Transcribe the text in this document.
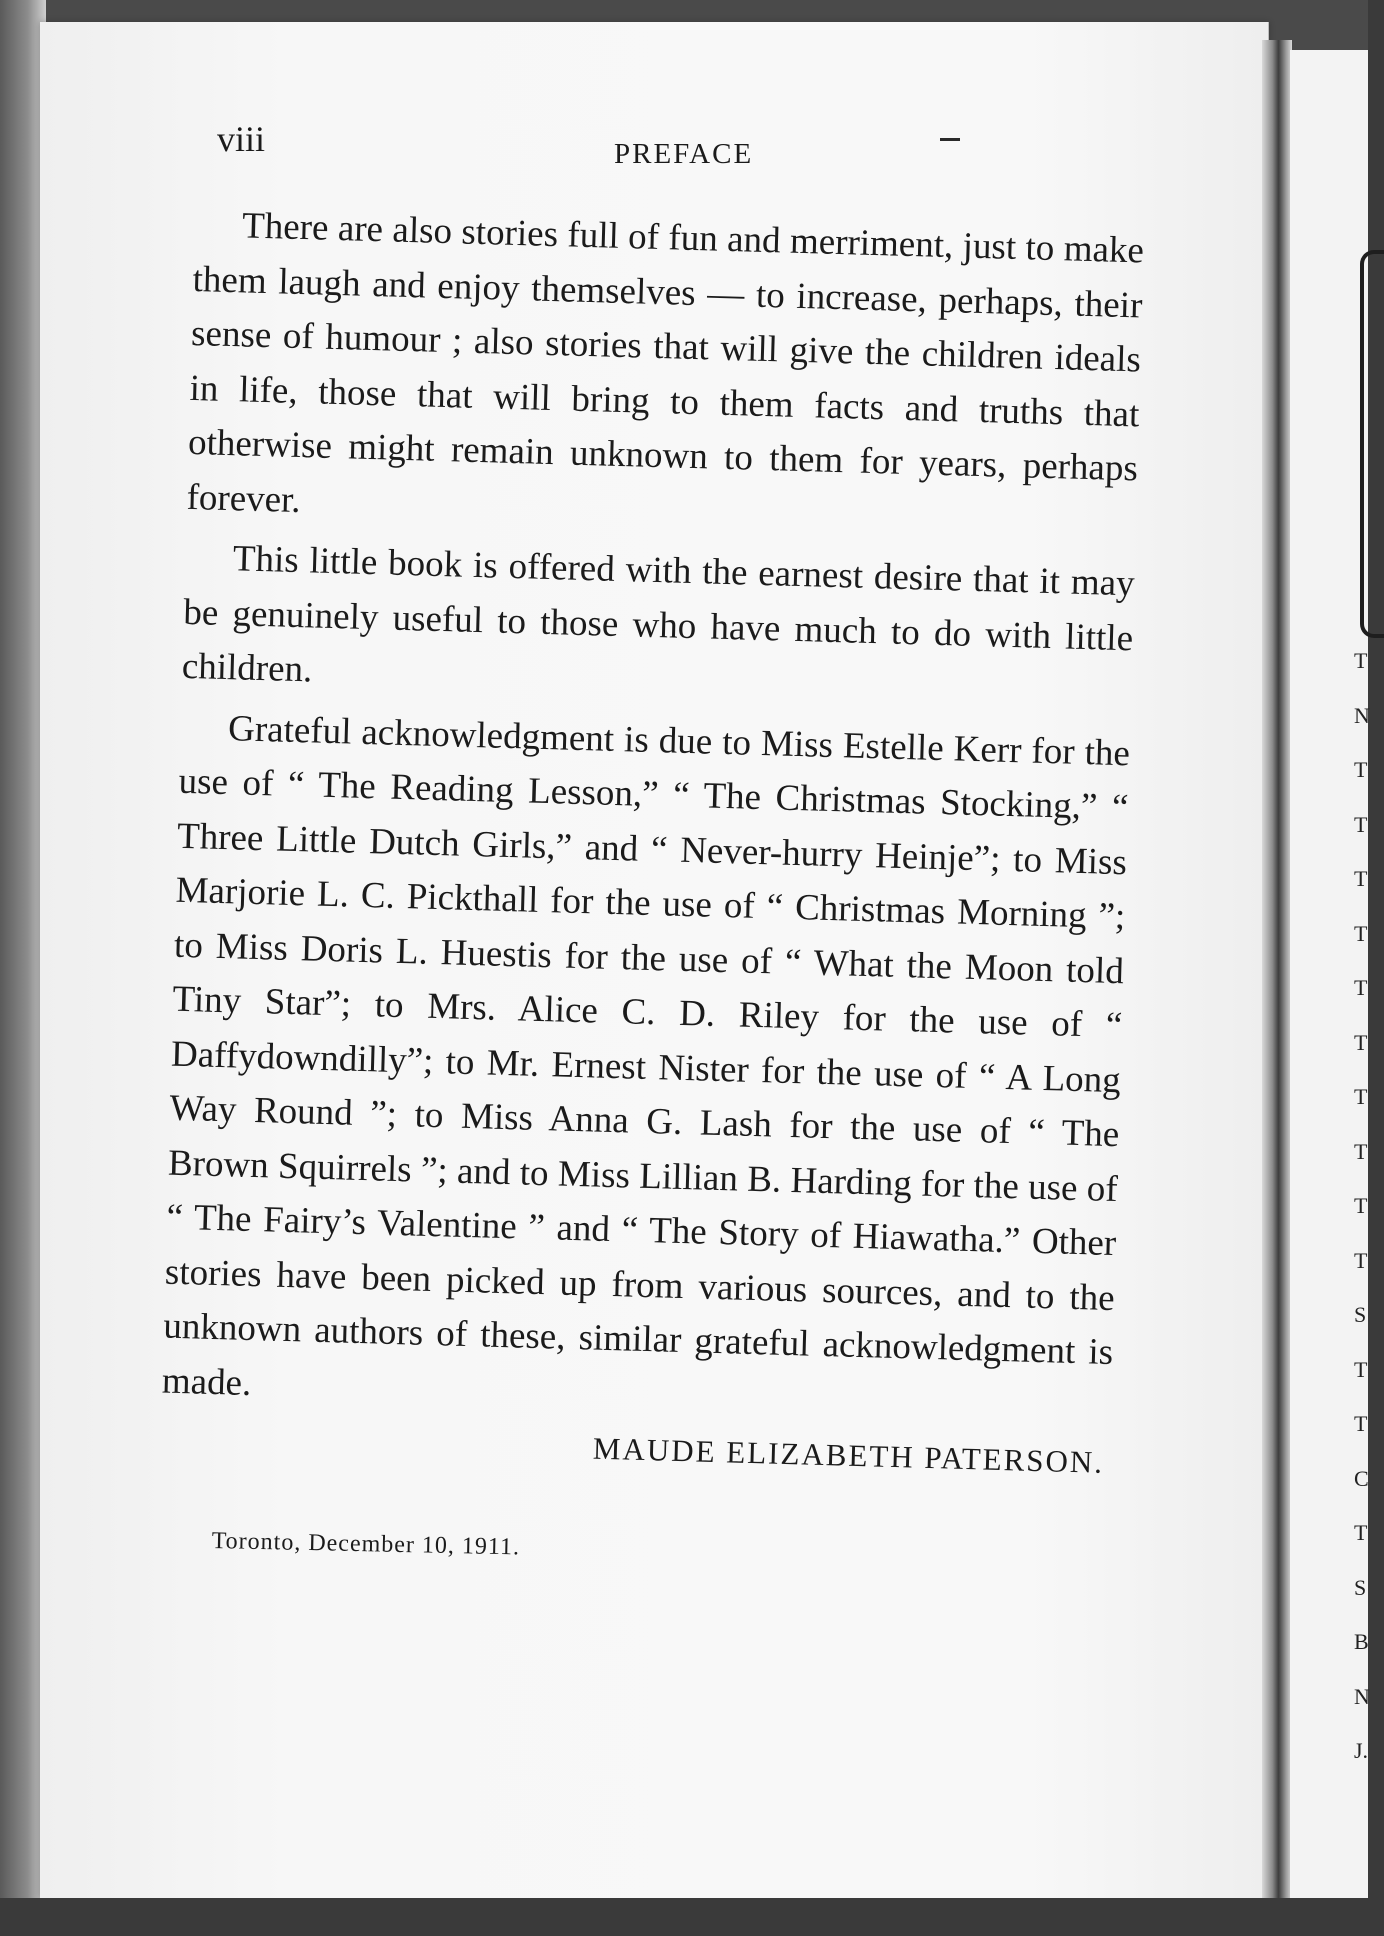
viii	PREFACE

There are also stories full of fun and merriment, just to make them laugh and enjoy themselves — to increase, perhaps, their sense of humour ; also stories that will give the children ideals in life, those that will bring to them facts and truths that otherwise might remain unknown to them for years, perhaps forever.

This little book is offered with the earnest desire that it may be genuinely useful to those who have much to do with little children.

Grateful acknowledgment is due to Miss Estelle Kerr for the use of “ The Reading Lesson,” “ The Christmas Stocking,” “ Three Little Dutch Girls,” and “ Never-hurry Heinje”; to Miss Marjorie L. C. Pickthall for the use of “ Christmas Morning ”; to Miss Doris L. Huestis for the use of “ What the Moon told Tiny Star”; to Mrs. Alice C. D. Riley for the use of “ Daffydowndilly”; to Mr. Ernest Nister for the use of “ A Long Way Round ”; to Miss Anna G. Lash for the use of “ The Brown Squirrels ”; and to Miss Lillian B. Harding for the use of “ The Fairy’s Valentine ” and “ The Story of Hiawatha.” Other stories have been picked up from various sources, and to the unknown authors of these, similar grateful acknowledgment is made.

MAUDE ELIZABETH PATERSON.

Toronto, December 10, 1911.
T
N
T
T
T
T
T
T
T
T
T
T
S
T
T
C
T
S
B
N
J.
